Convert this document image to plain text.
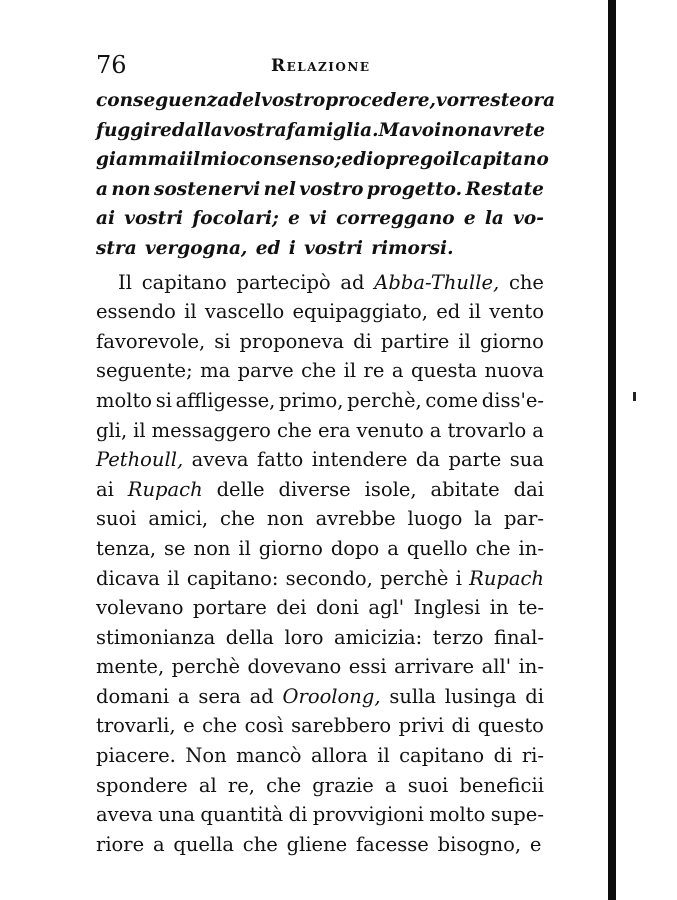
76	Relazione
conseguenza del vostro procedere, vorreste ora
fuggire dalla vostra famiglia. Ma voi non avrete
giammai il mio consenso; ed io prego il capitano
a non sostenervi nel vostro progetto. Restate
ai vostri focolari; e vi correggano e la vo-
stra vergogna, ed i vostri rimorsi.
Il capitano partecipò ad Abba-Thulle, che
essendo il vascello equipaggiato, ed il vento
favorevole, si proponeva di partire il giorno
seguente; ma parve che il re a questa nuova
molto si affligesse, primo, perchè, come diss'e-
gli, il messaggero che era venuto a trovarlo a
Pethoull, aveva fatto intendere da parte sua
ai Rupach delle diverse isole, abitate dai
suoi amici, che non avrebbe luogo la par-
tenza, se non il giorno dopo a quello che in-
dicava il capitano: secondo, perchè i Rupach
volevano portare dei doni agl' Inglesi in te-
stimonianza della loro amicizia: terzo final-
mente, perchè dovevano essi arrivare all' in-
domani a sera ad Oroolong, sulla lusinga di
trovarli, e che così sarebbero privi di questo
piacere. Non mancò allora il capitano di ri-
spondere al re, che grazie a suoi beneficii
aveva una quantità di provvigioni molto supe-
riore a quella che gliene facesse bisogno, e
